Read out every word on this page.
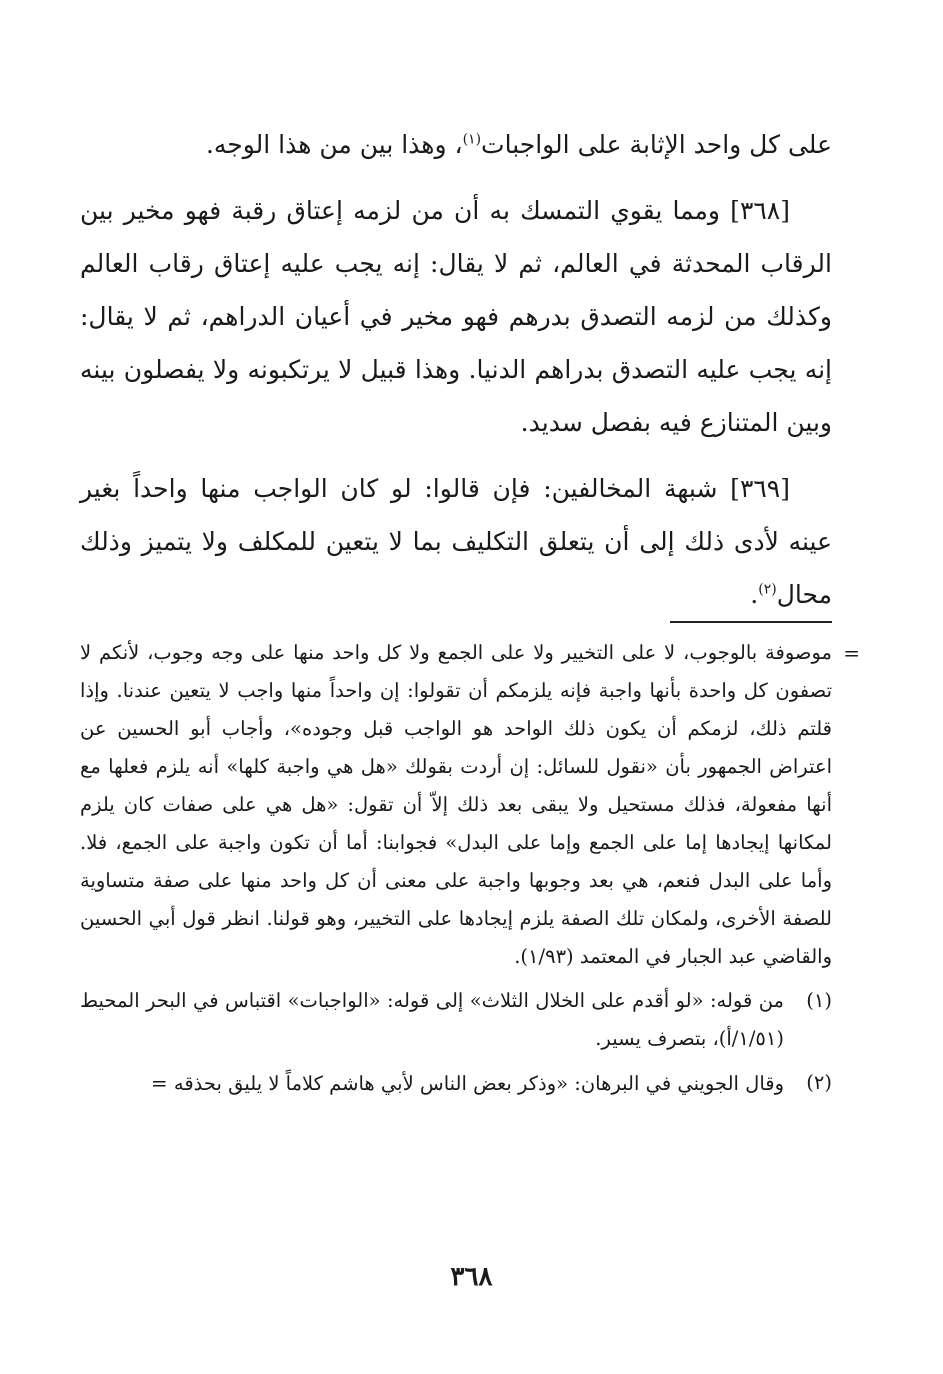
على كل واحد الإثابة على الواجبات$^{(١)}$، وهذا بين من هذا الوجه.

[٣٦٨] ومما يقوي التمسك به أن من لزمه إعتاق رقبة فهو مخير بين الرقاب المحدثة في العالم، ثم لا يقال: إنه يجب عليه إعتاق رقاب العالم وكذلك من لزمه التصدق بدرهم فهو مخير في أعيان الدراهم، ثم لا يقال: إنه يجب عليه التصدق بدراهم الدنيا. وهذا قبيل لا يرتكبونه ولا يفصلون بينه وبين المتنازع فيه بفصل سديد.

[٣٦٩] شبهة المخالفين: فإن قالوا: لو كان الواجب منها واحداً بغير عينه لأدى ذلك إلى أن يتعلق التكليف بما لا يتعين للمكلف ولا يتميز وذلك محال$^{(٢)}$.

=
موصوفة بالوجوب، لا على التخيير ولا على الجمع ولا كل واحد منها على وجه وجوب، لأنكم لا تصفون كل واحدة بأنها واجبة فإنه يلزمكم أن تقولوا: إن واحداً منها واجب لا يتعين عندنا. وإذا قلتم ذلك، لزمكم أن يكون ذلك الواحد هو الواجب قبل وجوده»، وأجاب أبو الحسين عن اعتراض الجمهور بأن «نقول للسائل: إن أردت بقولك «هل هي واجبة كلها» أنه يلزم فعلها مع أنها مفعولة، فذلك مستحيل ولا يبقى بعد ذلك إلاّ أن تقول: «هل هي على صفات كان يلزم لمكانها إيجادها إما على الجمع وإما على البدل» فجوابنا: أما أن تكون واجبة على الجمع، فلا. وأما على البدل فنعم، هي بعد وجوبها واجبة على معنى أن كل واحد منها على صفة متساوية للصفة الأخرى، ولمكان تلك الصفة يلزم إيجادها على التخيير، وهو قولنا. انظر قول أبي الحسين والقاضي عبد الجبار في المعتمد (١/٩٣).

(١)
من قوله: «لو أقدم على الخلال الثلاث» إلى قوله: «الواجبات» اقتباس في البحر المحيط (١/٥١/أ)، بتصرف يسير.

(٢)
وقال الجويني في البرهان: «وذكر بعض الناس لأبي هاشم كلاماً لا يليق بحذقه =

٣٦٨
